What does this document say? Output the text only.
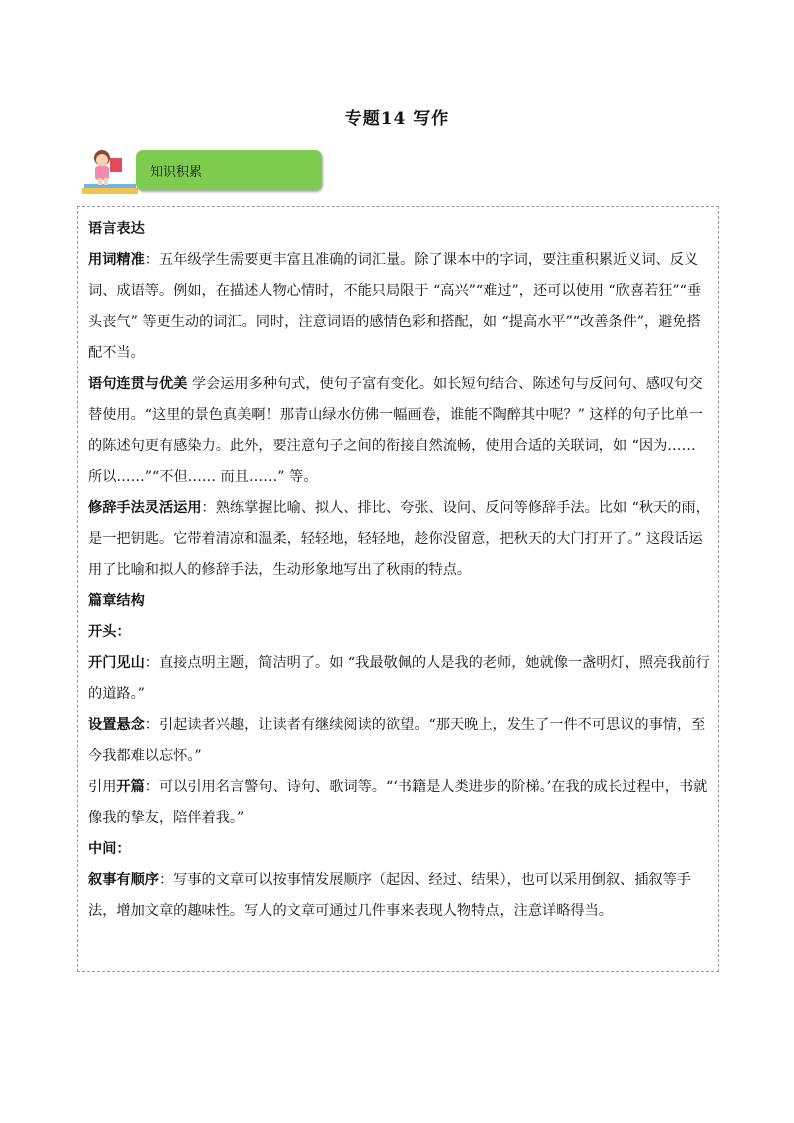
专题14 写作
知识积累

语言表达

用词精准：五年级学生需要更丰富且准确的词汇量。除了课本中的字词，要注重积累近义词、反义词、成语等。例如，在描述人物心情时，不能只局限于 “高兴”“难过”，还可以使用 “欣喜若狂”“垂头丧气” 等更生动的词汇。同时，注意词语的感情色彩和搭配，如 “提高水平”“改善条件”，避免搭配不当。

语句连贯与优美 学会运用多种句式，使句子富有变化。如长短句结合、陈述句与反问句、感叹句交替使用。“这里的景色真美啊！那青山绿水仿佛一幅画卷，谁能不陶醉其中呢？” 这样的句子比单一的陈述句更有感染力。此外，要注意句子之间的衔接自然流畅，使用合适的关联词，如 “因为…… 所以……”“不但…… 而且……” 等。

修辞手法灵活运用：熟练掌握比喻、拟人、排比、夸张、设问、反问等修辞手法。比如 “秋天的雨，是一把钥匙。它带着清凉和温柔，轻轻地，轻轻地，趁你没留意，把秋天的大门打开了。” 这段话运用了比喻和拟人的修辞手法，生动形象地写出了秋雨的特点。

篇章结构

开头：

开门见山：直接点明主题，简洁明了。如 “我最敬佩的人是我的老师，她就像一盏明灯，照亮我前行的道路。”

设置悬念：引起读者兴趣，让读者有继续阅读的欲望。“那天晚上，发生了一件不可思议的事情，至今我都难以忘怀。”

引用开篇：可以引用名言警句、诗句、歌词等。“‘书籍是人类进步的阶梯。’在我的成长过程中，书就像我的挚友，陪伴着我。”

中间：

叙事有顺序：写事的文章可以按事情发展顺序（起因、经过、结果），也可以采用倒叙、插叙等手法，增加文章的趣味性。写人的文章可通过几件事来表现人物特点，注意详略得当。
